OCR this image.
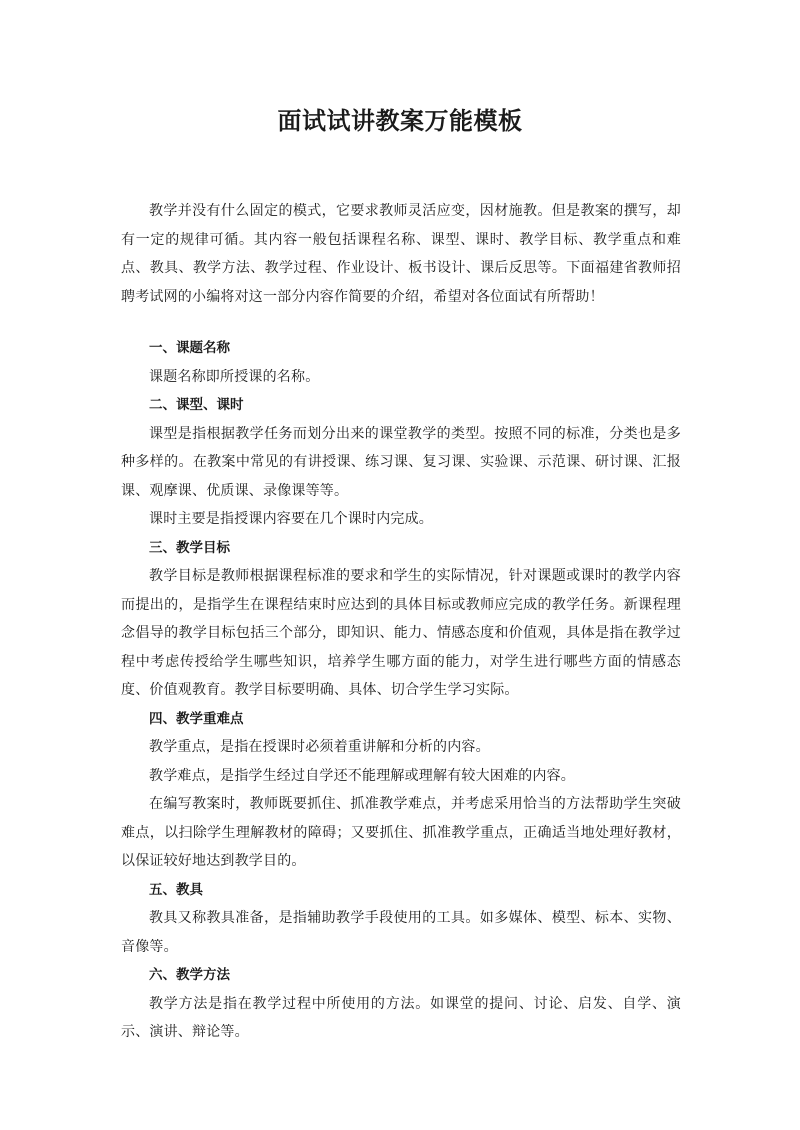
面试试讲教案万能模板

教学并没有什么固定的模式，它要求教师灵活应变，因材施教。但是教案的撰写，却有一定的规律可循。其内容一般包括课程名称、课型、课时、教学目标、教学重点和难点、教具、教学方法、教学过程、作业设计、板书设计、课后反思等。下面福建省教师招聘考试网的小编将对这一部分内容作简要的介绍，希望对各位面试有所帮助！

一、课题名称

课题名称即所授课的名称。

二、课型、课时

课型是指根据教学任务而划分出来的课堂教学的类型。按照不同的标准，分类也是多种多样的。在教案中常见的有讲授课、练习课、复习课、实验课、示范课、研讨课、汇报课、观摩课、优质课、录像课等等。

课时主要是指授课内容要在几个课时内完成。

三、教学目标

教学目标是教师根据课程标准的要求和学生的实际情况，针对课题或课时的教学内容而提出的，是指学生在课程结束时应达到的具体目标或教师应完成的教学任务。新课程理念倡导的教学目标包括三个部分，即知识、能力、情感态度和价值观，具体是指在教学过程中考虑传授给学生哪些知识，培养学生哪方面的能力，对学生进行哪些方面的情感态度、价值观教育。教学目标要明确、具体、切合学生学习实际。

四、教学重难点

教学重点，是指在授课时必须着重讲解和分析的内容。

教学难点，是指学生经过自学还不能理解或理解有较大困难的内容。

在编写教案时，教师既要抓住、抓准教学难点，并考虑采用恰当的方法帮助学生突破难点，以扫除学生理解教材的障碍；又要抓住、抓准教学重点，正确适当地处理好教材，以保证较好地达到教学目的。

五、教具

教具又称教具准备，是指辅助教学手段使用的工具。如多媒体、模型、标本、实物、音像等。

六、教学方法

教学方法是指在教学过程中所使用的方法。如课堂的提问、讨论、启发、自学、演示、演讲、辩论等。
